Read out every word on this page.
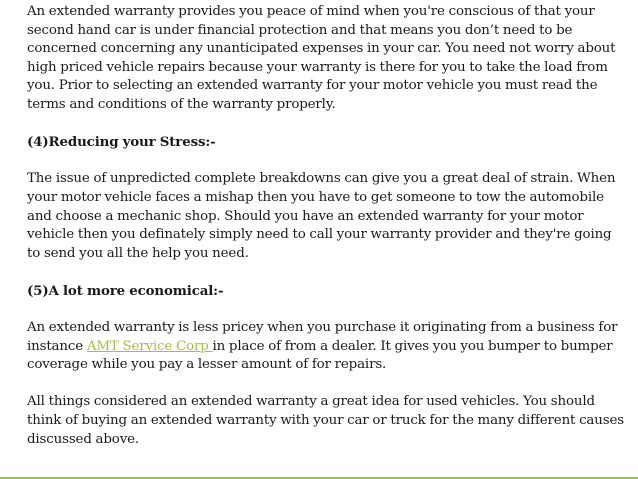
An extended warranty provides you peace of mind when you're conscious of that your second hand car is under financial protection and that means you don’t need to be concerned concerning any unanticipated expenses in your car. You need not worry about high priced vehicle repairs because your warranty is there for you to take the load from you. Prior to selecting an extended warranty for your motor vehicle you must read the terms and conditions of the warranty properly.

(4)Reducing your Stress:-

The issue of unpredicted complete breakdowns can give you a great deal of strain. When your motor vehicle faces a mishap then you have to get someone to tow the automobile and choose a mechanic shop. Should you have an extended warranty for your motor vehicle then you definately simply need to call your warranty provider and they're going to send you all the help you need.

(5)A lot more economical:-

An extended warranty is less pricey when you purchase it originating from a business for instance AMT Service Corp in place of from a dealer. It gives you you bumper to bumper coverage while you pay a lesser amount of for repairs.

All things considered an extended warranty a great idea for used vehicles. You should think of buying an extended warranty with your car or truck for the many different causes discussed above.
